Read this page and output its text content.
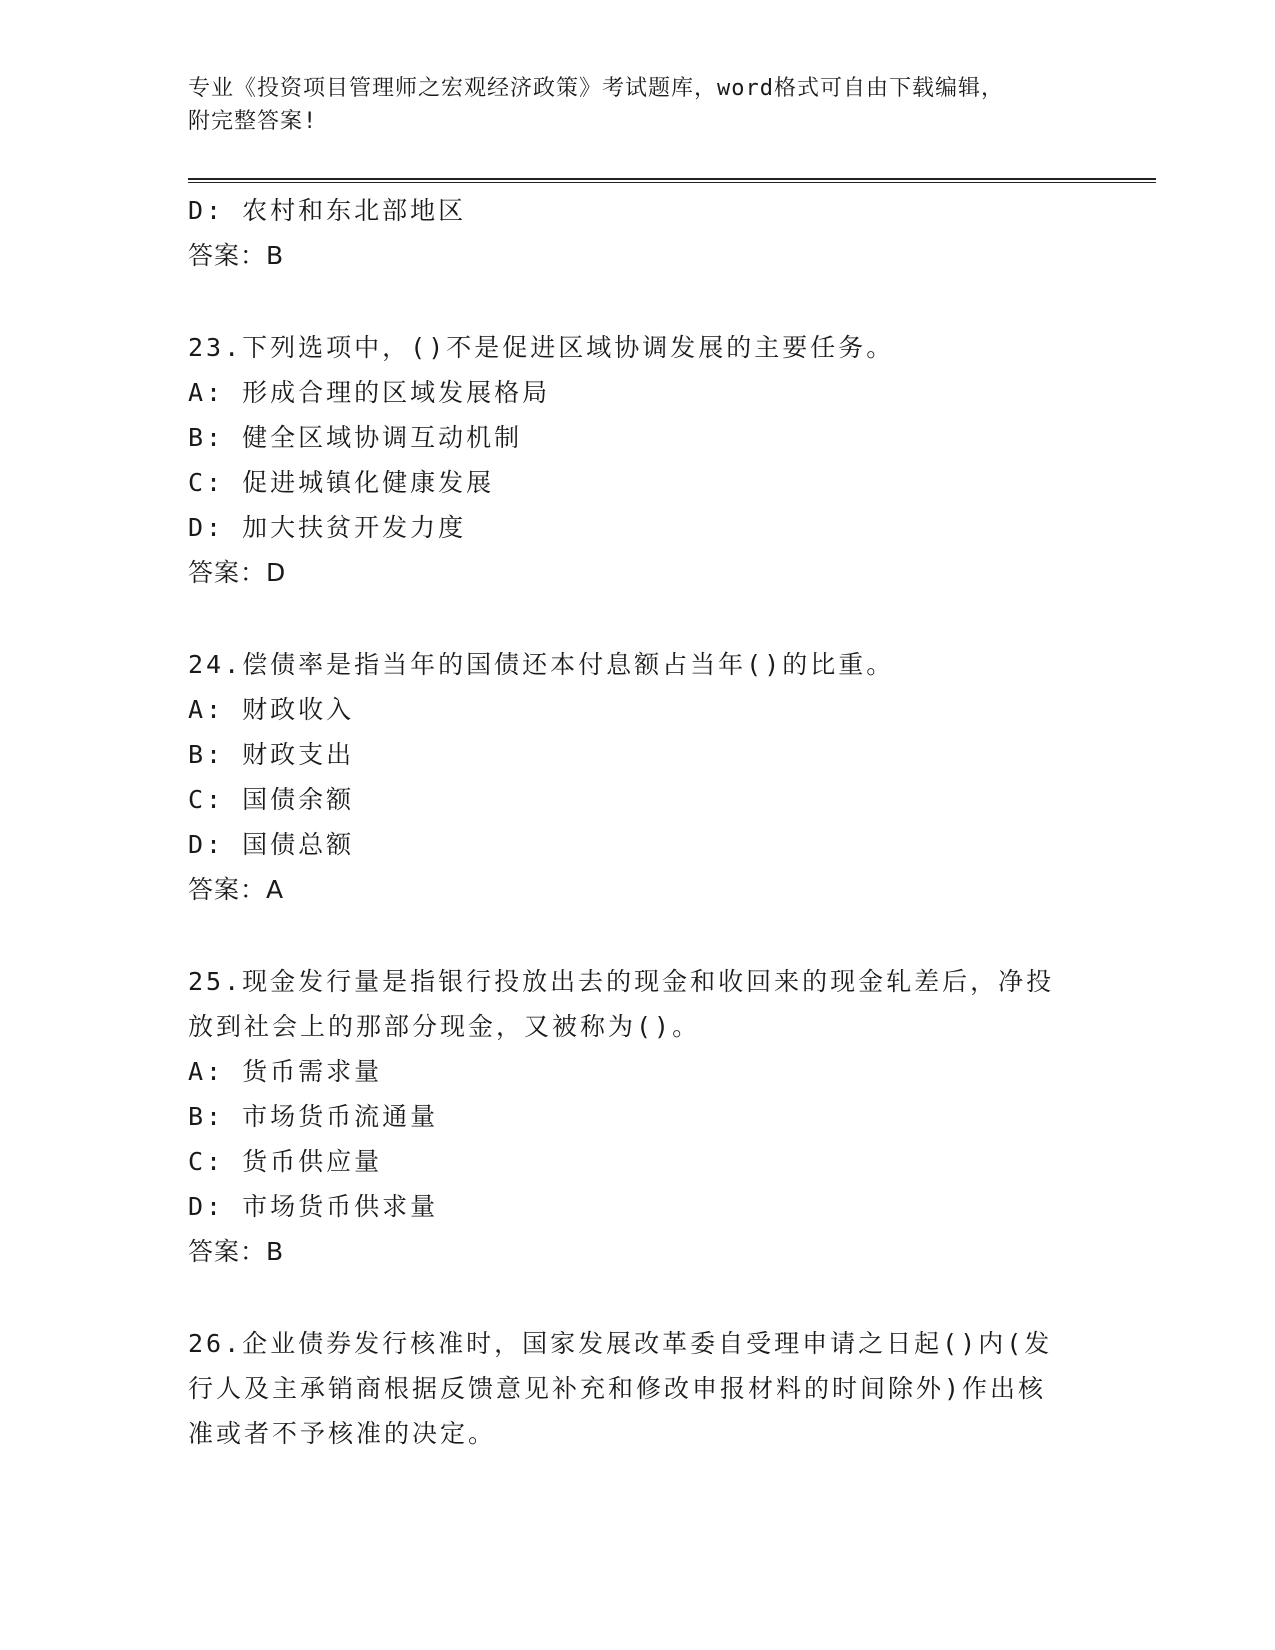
专业《投资项目管理师之宏观经济政策》考试题库，word格式可自由下载编辑，
附完整答案!
D: 农村和东北部地区
答案：B
23.下列选项中，()不是促进区域协调发展的主要任务。
A: 形成合理的区域发展格局
B: 健全区域协调互动机制
C: 促进城镇化健康发展
D: 加大扶贫开发力度
答案：D
24.偿债率是指当年的国债还本付息额占当年()的比重。
A: 财政收入
B: 财政支出
C: 国债余额
D: 国债总额
答案：A
25.现金发行量是指银行投放出去的现金和收回来的现金轧差后，净投
放到社会上的那部分现金，又被称为()。
A: 货币需求量
B: 市场货币流通量
C: 货币供应量
D: 市场货币供求量
答案：B
26.企业债券发行核准时，国家发展改革委自受理申请之日起()内(发
行人及主承销商根据反馈意见补充和修改申报材料的时间除外)作出核
准或者不予核准的决定。
